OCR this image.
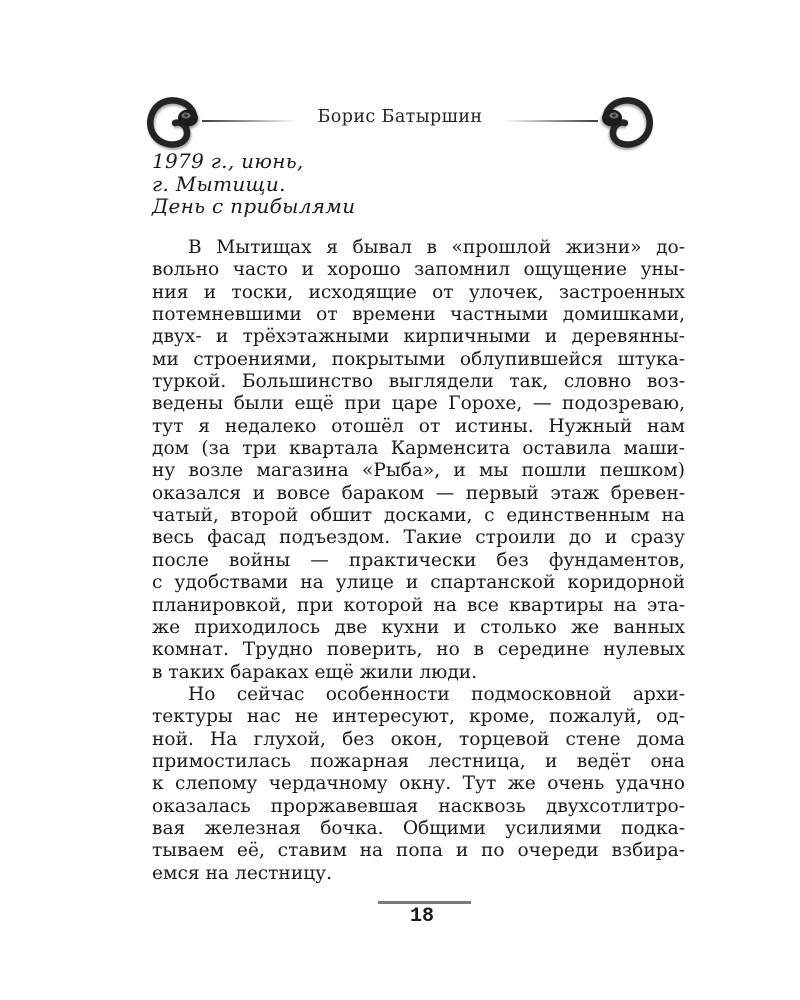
Борис Батыршин
1979 г., июнь,
г. Мытищи.
День с прибылями
В Мытищах я бывал в «прошлой жизни» до-
вольно часто и хорошо запомнил ощущение уны-
ния и тоски, исходящие от улочек, застроенных
потемневшими от времени частными домишками,
двух- и трёхэтажными кирпичными и деревянны-
ми строениями, покрытыми облупившейся штука-
туркой. Большинство выглядели так, словно воз-
ведены были ещё при царе Горохе, — подозреваю,
тут я недалеко отошёл от истины. Нужный нам
дом (за три квартала Карменсита оставила маши-
ну возле магазина «Рыба», и мы пошли пешком)
оказался и вовсе бараком — первый этаж бревен-
чатый, второй обшит досками, с единственным на
весь фасад подъездом. Такие строили до и сразу
после войны — практически без фундаментов,
с удобствами на улице и спартанской коридорной
планировкой, при которой на все квартиры на эта-
же приходилось две кухни и столько же ванных
комнат. Трудно поверить, но в середине нулевых
в таких бараках ещё жили люди.
Но сейчас особенности подмосковной архи-
тектуры нас не интересуют, кроме, пожалуй, од-
ной. На глухой, без окон, торцевой стене дома
примостилась пожарная лестница, и ведёт она
к слепому чердачному окну. Тут же очень удачно
оказалась проржавевшая насквозь двухсотлитро-
вая железная бочка. Общими усилиями подка-
тываем её, ставим на попа и по очереди взбира-
емся на лестницу.
18
